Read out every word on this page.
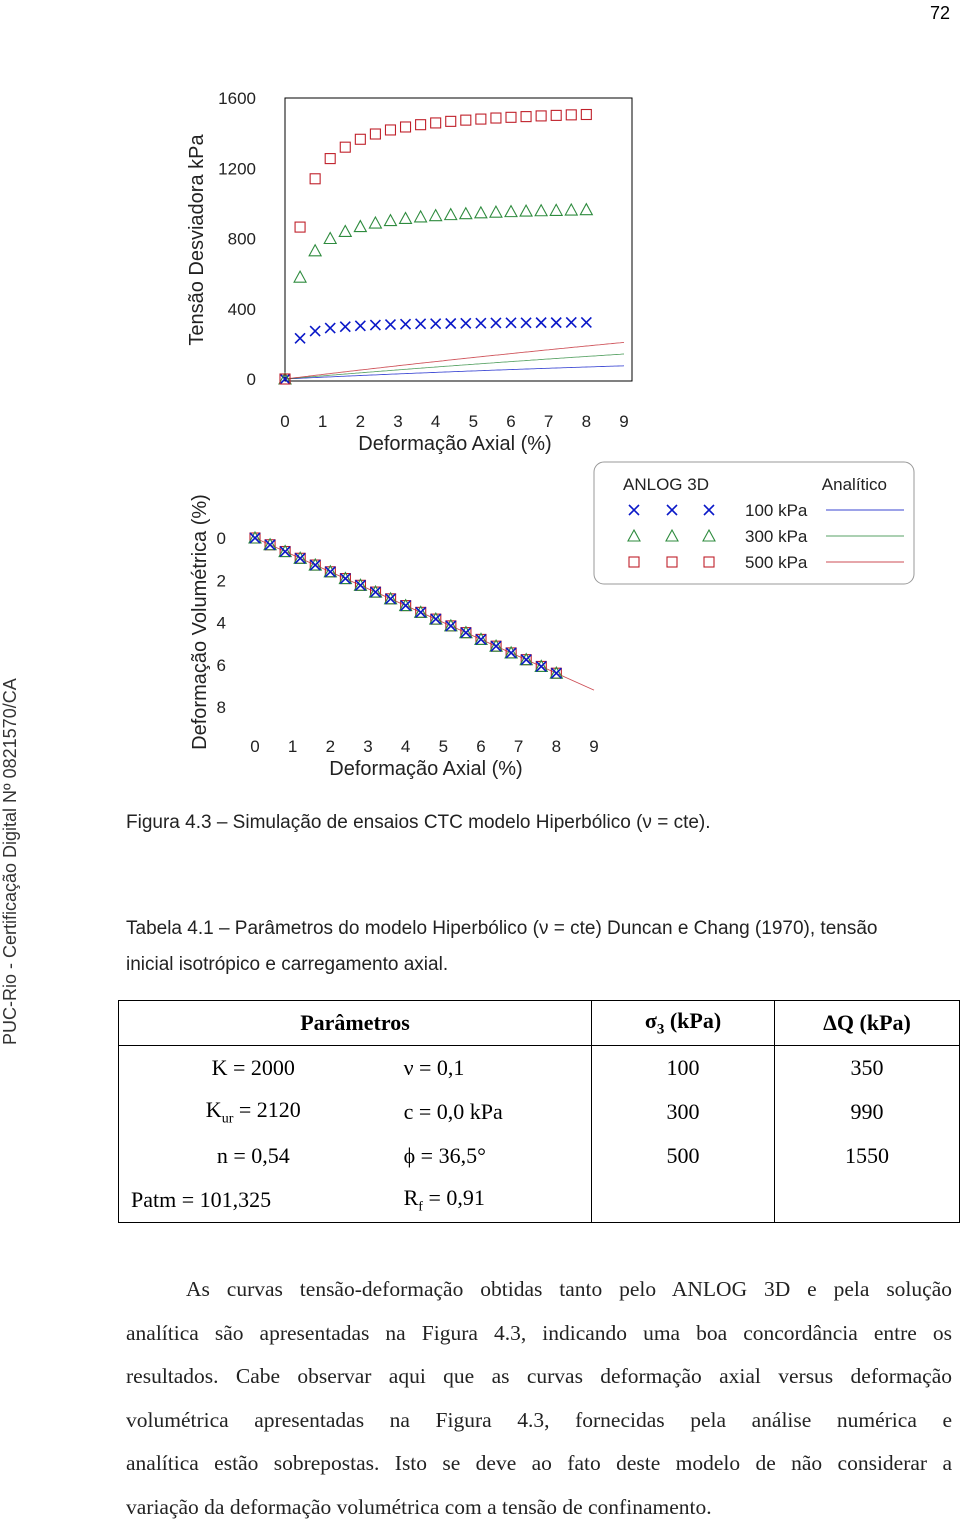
72
PUC-Rio - Certificação Digital Nº 0821570/CA
0
400
800
1200
1600
0 1 2 3 4 5 6 7 8 9
Tensão Desviadora kPa
Deformação Axial (%)
0
2
4
6
8
0 1 2 3 4 5 6 7 8 9
Deformação Volumétrica (%)
Deformação Axial (%)
ANLOG 3D	Analítico
100 kPa
300 kPa
500 kPa
Figura 4.3 – Simulação de ensaios CTC modelo Hiperbólico (ν = cte).
Tabela 4.1 – Parâmetros do modelo Hiperbólico (ν = cte) Duncan e Chang (1970), tensão
inicial isotrópico e carregamento axial.
Parâmetros		$\sigma_3$ (kPa)	ΔQ (kPa)
K = 2000	ν = 0,1	100	350
$K_{ur} = 2120$	c = 0,0 kPa	300	990
n = 0,54	ϕ = 36,5°	500	1550
Patm = 101,325	$R_f = 0,91$		
As curvas tensão-deformação obtidas tanto pelo ANLOG 3D e pela solução
analítica são apresentadas na Figura 4.3, indicando uma boa concordância entre os
resultados. Cabe observar aqui que as curvas deformação axial versus deformação
volumétrica apresentadas na Figura 4.3, fornecidas pela análise numérica e
analítica estão sobrepostas. Isto se deve ao fato deste modelo de não considerar a
variação da deformação volumétrica com a tensão de confinamento.
